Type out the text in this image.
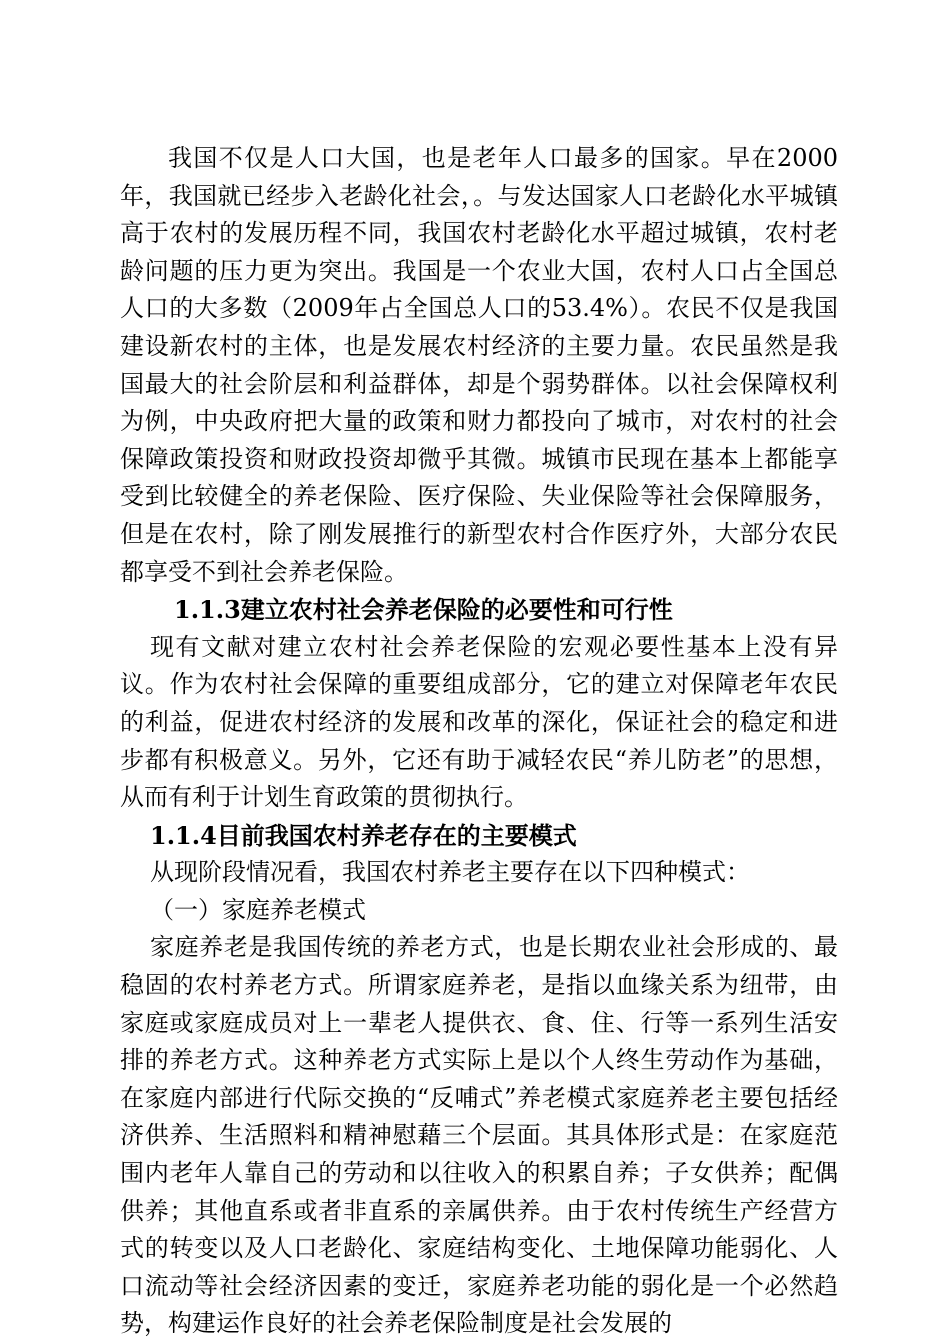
我国不仅是人口大国，也是老年人口最多的国家。早在2000年，我国就已经步入老龄化社会，。与发达国家人口老龄化水平城镇高于农村的发展历程不同，我国农村老龄化水平超过城镇，农村老龄问题的压力更为突出。我国是一个农业大国，农村人口占全国总人口的大多数（2009年占全国总人口的53.4%）。农民不仅是我国建设新农村的主体，也是发展农村经济的主要力量。农民虽然是我国最大的社会阶层和利益群体，却是个弱势群体。以社会保障权利为例，中央政府把大量的政策和财力都投向了城市，对农村的社会保障政策投资和财政投资却微乎其微。城镇市民现在基本上都能享受到比较健全的养老保险、医疗保险、失业保险等社会保障服务，但是在农村，除了刚发展推行的新型农村合作医疗外，大部分农民都享受不到社会养老保险。

1.1.3建立农村社会养老保险的必要性和可行性

现有文献对建立农村社会养老保险的宏观必要性基本上没有异议。作为农村社会保障的重要组成部分，它的建立对保障老年农民的利益，促进农村经济的发展和改革的深化，保证社会的稳定和进步都有积极意义。另外，它还有助于减轻农民“养儿防老”的思想，从而有利于计划生育政策的贯彻执行。

1.1.4目前我国农村养老存在的主要模式

从现阶段情况看，我国农村养老主要存在以下四种模式：

（一）家庭养老模式

家庭养老是我国传统的养老方式，也是长期农业社会形成的、最稳固的农村养老方式。所谓家庭养老，是指以血缘关系为纽带，由家庭或家庭成员对上一辈老人提供衣、食、住、行等一系列生活安排的养老方式。这种养老方式实际上是以个人终生劳动作为基础，在家庭内部进行代际交换的“反哺式”养老模式家庭养老主要包括经济供养、生活照料和精神慰藉三个层面。其具体形式是：在家庭范围内老年人靠自己的劳动和以往收入的积累自养；子女供养；配偶供养；其他直系或者非直系的亲属供养。由于农村传统生产经营方式的转变以及人口老龄化、家庭结构变化、土地保障功能弱化、人口流动等社会经济因素的变迁，家庭养老功能的弱化是一个必然趋势，构建运作良好的社会养老保险制度是社会发展的
